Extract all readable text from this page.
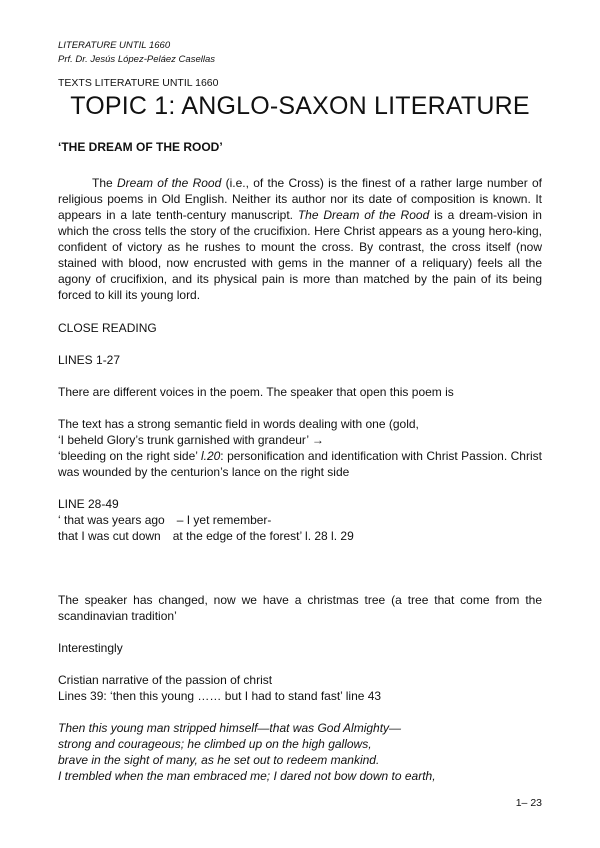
LITERATURE UNTIL 1660
Prf. Dr. Jesús López-Peláez Casellas
TEXTS LITERATURE UNTIL 1660
TOPIC 1: ANGLO-SAXON LITERATURE
‘THE DREAM OF THE ROOD’
The Dream of the Rood (i.e., of the Cross) is the finest of a rather large number of religious poems in Old English. Neither its author nor its date of composition is known. It appears in a late tenth-century manuscript. The Dream of the Rood is a dream-vision in which the cross tells the story of the crucifixion. Here Christ appears as a young hero-king, confident of victory as he rushes to mount the cross. By contrast, the cross itself (now stained with blood, now encrusted with gems in the manner of a reliquary) feels all the agony of crucifixion, and its physical pain is more than matched by the pain of its being forced to kill its young lord.
CLOSE READING
LINES 1-27
There are different voices in the poem. The speaker that open this poem is
The text has a strong semantic field in words dealing with one (gold,
‘I beheld Glory’s trunk garnished with grandeur’ →
‘bleeding on the right side’ l.20: personification and identification with Christ Passion. Christ was wounded by the centurion’s lance on the right side
LINE 28-49
‘ that was years ago – I yet remember-
that I was cut down at the edge of the forest’ l. 28 l. 29
The speaker has changed, now we have a christmas tree (a tree that come from the scandinavian tradition’
Interestingly
Cristian narrative of the passion of christ
Lines 39: ‘then this young …… but I had to stand fast’ line 43
Then this young man stripped himself—that was God Almighty—
strong and courageous; he climbed up on the high gallows,
brave in the sight of many, as he set out to redeem mankind.
I trembled when the man embraced me; I dared not bow down to earth,
1– 23
